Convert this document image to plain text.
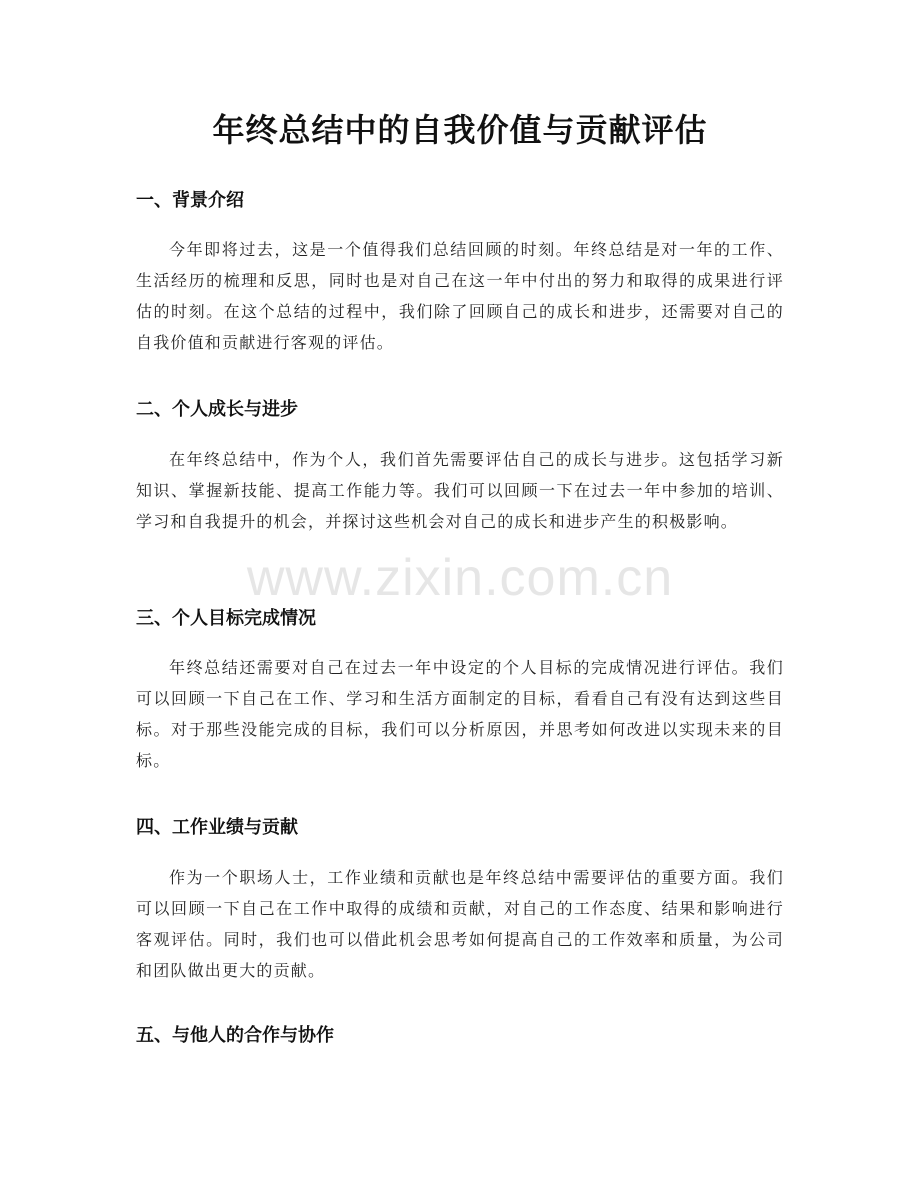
年终总结中的自我价值与贡献评估
一、背景介绍
今年即将过去，这是一个值得我们总结回顾的时刻。年终总结是对一年的工作、生活经历的梳理和反思，同时也是对自己在这一年中付出的努力和取得的成果进行评估的时刻。在这个总结的过程中，我们除了回顾自己的成长和进步，还需要对自己的自我价值和贡献进行客观的评估。
二、个人成长与进步
在年终总结中，作为个人，我们首先需要评估自己的成长与进步。这包括学习新知识、掌握新技能、提高工作能力等。我们可以回顾一下在过去一年中参加的培训、学习和自我提升的机会，并探讨这些机会对自己的成长和进步产生的积极影响。
三、个人目标完成情况
年终总结还需要对自己在过去一年中设定的个人目标的完成情况进行评估。我们可以回顾一下自己在工作、学习和生活方面制定的目标，看看自己有没有达到这些目标。对于那些没能完成的目标，我们可以分析原因，并思考如何改进以实现未来的目标。
四、工作业绩与贡献
作为一个职场人士，工作业绩和贡献也是年终总结中需要评估的重要方面。我们可以回顾一下自己在工作中取得的成绩和贡献，对自己的工作态度、结果和影响进行客观评估。同时，我们也可以借此机会思考如何提高自己的工作效率和质量，为公司和团队做出更大的贡献。
五、与他人的合作与协作
www.zixin.com.cn
